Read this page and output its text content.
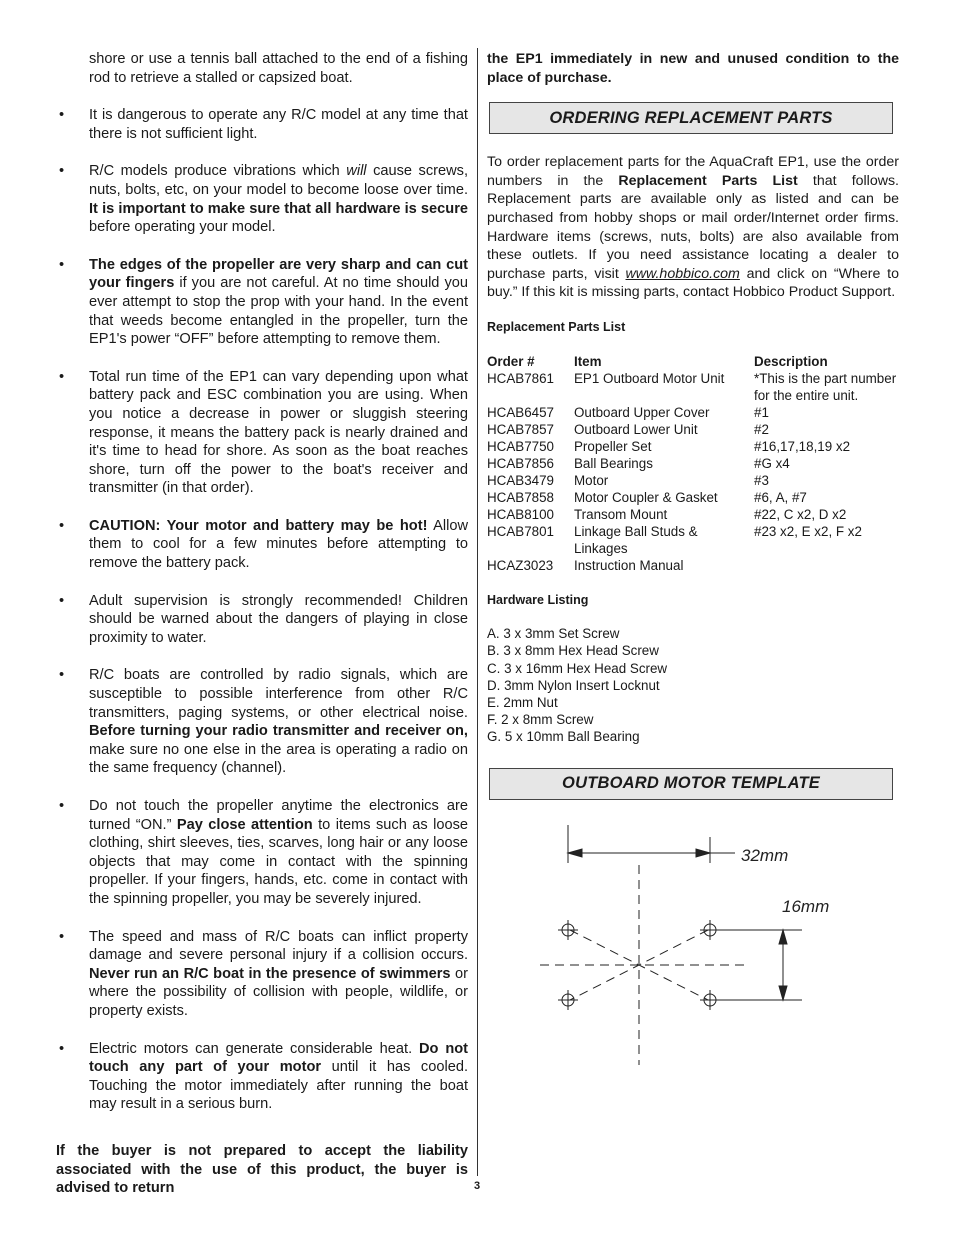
shore or use a tennis ball attached to the end of a fishing rod to retrieve a stalled or capsized boat.

• It is dangerous to operate any R/C model at any time that there is not sufficient light.

• R/C models produce vibrations which will cause screws, nuts, bolts, etc, on your model to become loose over time. It is important to make sure that all hardware is secure before operating your model.

• The edges of the propeller are very sharp and can cut your fingers if you are not careful. At no time should you ever attempt to stop the prop with your hand. In the event that weeds become entangled in the propeller, turn the EP1's power “OFF” before attempting to remove them.

• Total run time of the EP1 can vary depending upon what battery pack and ESC combination you are using. When you notice a decrease in power or sluggish steering response, it means the battery pack is nearly drained and it's time to head for shore. As soon as the boat reaches shore, turn off the power to the boat's receiver and transmitter (in that order).

• CAUTION: Your motor and battery may be hot! Allow them to cool for a few minutes before attempting to remove the battery pack.

• Adult supervision is strongly recommended! Children should be warned about the dangers of playing in close proximity to water.

• R/C boats are controlled by radio signals, which are susceptible to possible interference from other R/C transmitters, paging systems, or other electrical noise. Before turning your radio transmitter and receiver on, make sure no one else in the area is operating a radio on the same frequency (channel).

• Do not touch the propeller anytime the electronics are turned “ON.” Pay close attention to items such as loose clothing, shirt sleeves, ties, scarves, long hair or any loose objects that may come in contact with the spinning propeller. If your fingers, hands, etc. come in contact with the spinning propeller, you may be severely injured.

• The speed and mass of R/C boats can inflict property damage and severe personal injury if a collision occurs. Never run an R/C boat in the presence of swimmers or where the possibility of collision with people, wildlife, or property exists.

• Electric motors can generate considerable heat. Do not touch any part of your motor until it has cooled. Touching the motor immediately after running the boat may result in a serious burn.

If the buyer is not prepared to accept the liability associated with the use of this product, the buyer is advised to return

the EP1 immediately in new and unused condition to the place of purchase.

ORDERING REPLACEMENT PARTS

To order replacement parts for the AquaCraft EP1, use the order numbers in the Replacement Parts List that follows. Replacement parts are available only as listed and can be purchased from hobby shops or mail order/Internet order firms. Hardware items (screws, nuts, bolts) are also available from these outlets. If you need assistance locating a dealer to purchase parts, visit www.hobbico.com and click on “Where to buy.” If this kit is missing parts, contact Hobbico Product Support.

Replacement Parts List

Order #	Item	Description
HCAB7861	EP1 Outboard Motor Unit	*This is the part number for the entire unit.
HCAB6457	Outboard Upper Cover	#1
HCAB7857	Outboard Lower Unit	#2
HCAB7750	Propeller Set	#16,17,18,19 x2
HCAB7856	Ball Bearings	#G x4
HCAB3479	Motor	#3
HCAB7858	Motor Coupler & Gasket	#6, A, #7
HCAB8100	Transom Mount	#22, C x2, D x2
HCAB7801	Linkage Ball Studs & Linkages	#23 x2, E x2, F x2
HCAZ3023	Instruction Manual	

Hardware Listing

A. 3 x 3mm Set Screw
B. 3 x 8mm Hex Head Screw
C. 3 x 16mm Hex Head Screw
D. 3mm Nylon Insert Locknut
E. 2mm Nut
F. 2 x 8mm Screw
G. 5 x 10mm Ball Bearing
OUTBOARD MOTOR TEMPLATE
32mm
16mm
3
